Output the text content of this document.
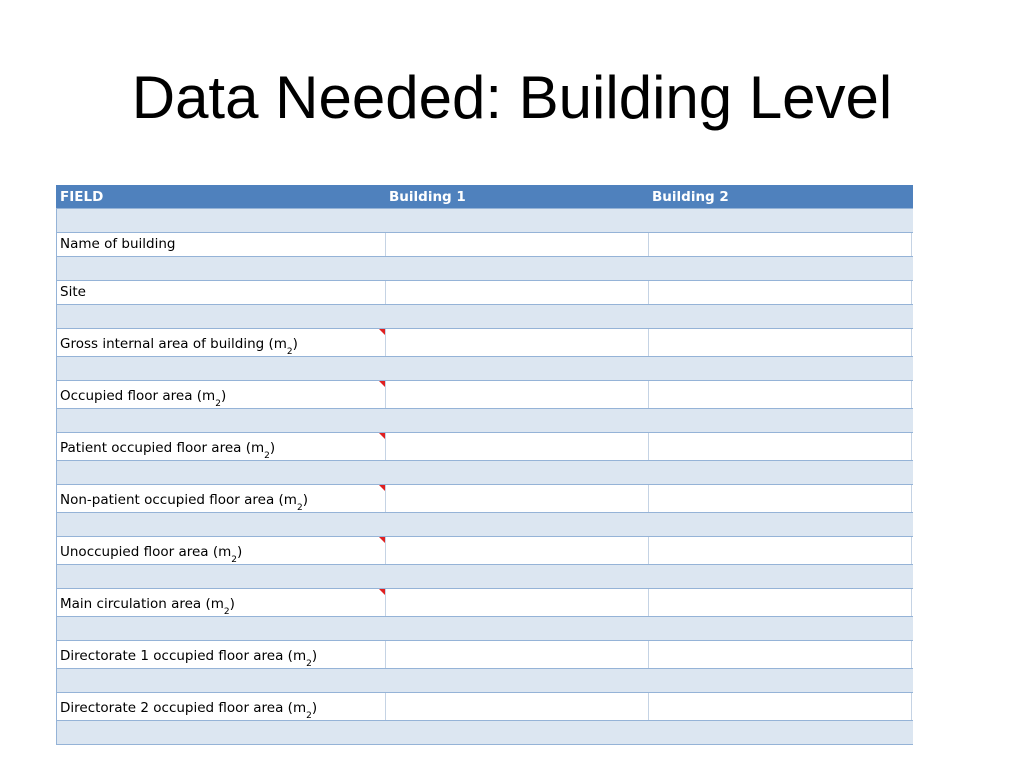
Data Needed: Building Level
FIELD	Building 1	Building 2
Name of building
Site
Gross internal area of building (m 2 )
Occupied floor area (m 2 )
Patient occupied floor area (m 2 )
Non-patient occupied floor area (m 2 )
Unoccupied floor area (m 2 )
Main circulation area (m 2 )
Directorate 1 occupied floor area (m 2 )
Directorate 2 occupied floor area (m 2 )
